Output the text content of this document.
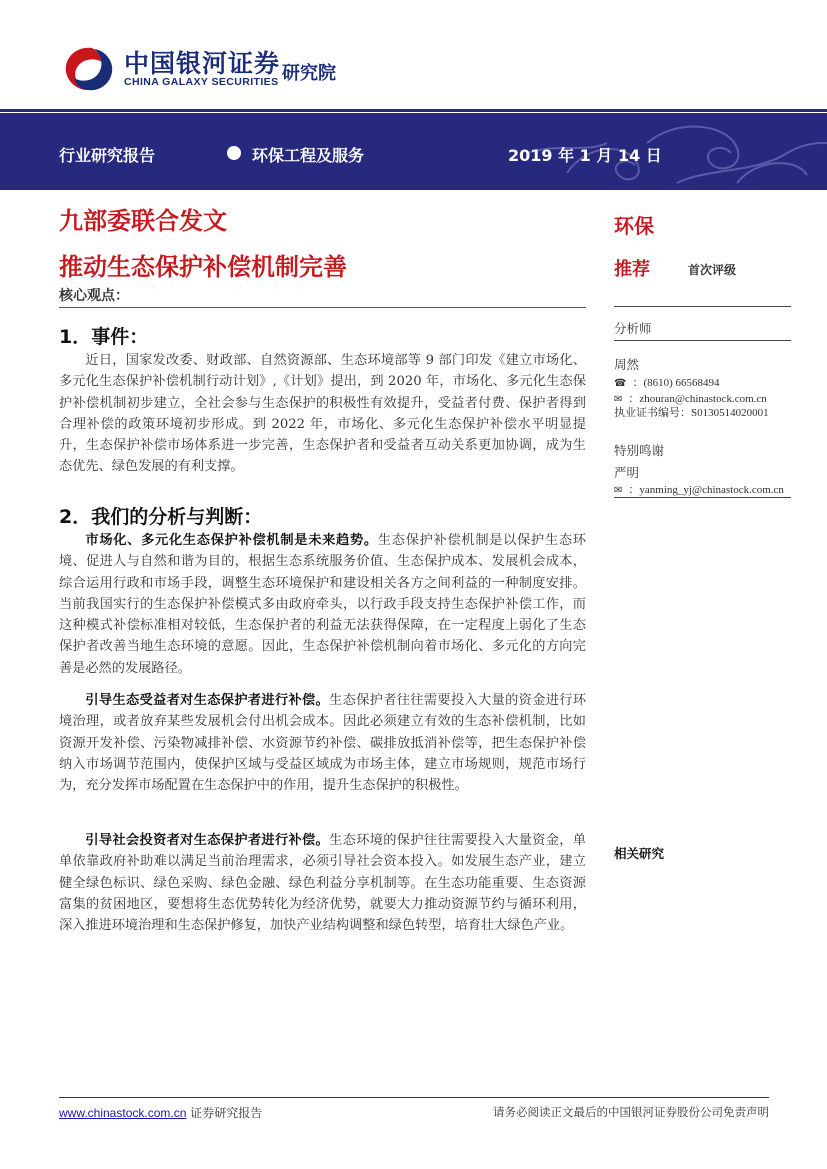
中国银河证券
CHINA GALAXY SECURITIES 研究院
行业研究报告	环保工程及服务	2019 年 1 月 14 日
九部委联合发文
推动生态保护补偿机制完善
核心观点：
1．事件：

近日，国家发改委、财政部、自然资源部、生态环境部等 9 部门印发《建立市场化、多元化生态保护补偿机制行动计划》,《计划》提出，到 2020 年，市场化、多元化生态保护补偿机制初步建立，全社会参与生态保护的积极性有效提升，受益者付费、保护者得到合理补偿的政策环境初步形成。到 2022 年，市场化、多元化生态保护补偿水平明显提升，生态保护补偿市场体系进一步完善，生态保护者和受益者互动关系更加协调，成为生态优先、绿色发展的有利支撑。

2．我们的分析与判断：

市场化、多元化生态保护补偿机制是未来趋势。生态保护补偿机制是以保护生态环境、促进人与自然和谐为目的，根据生态系统服务价值、生态保护成本、发展机会成本，综合运用行政和市场手段，调整生态环境保护和建设相关各方之间利益的一种制度安排。当前我国实行的生态保护补偿模式多由政府牵头，以行政手段支持生态保护补偿工作，而这种模式补偿标准相对较低，生态保护者的利益无法获得保障，在一定程度上弱化了生态保护者改善当地生态环境的意愿。因此，生态保护补偿机制向着市场化、多元化的方向完善是必然的发展路径。

引导生态受益者对生态保护者进行补偿。生态保护者往往需要投入大量的资金进行环境治理，或者放弃某些发展机会付出机会成本。因此必须建立有效的生态补偿机制，比如资源开发补偿、污染物减排补偿、水资源节约补偿、碳排放抵消补偿等，把生态保护补偿纳入市场调节范围内，使保护区域与受益区域成为市场主体，建立市场规则，规范市场行为，充分发挥市场配置在生态保护中的作用，提升生态保护的积极性。

引导社会投资者对生态保护者进行补偿。生态环境的保护往往需要投入大量资金，单单依靠政府补助难以满足当前治理需求，必须引导社会资本投入。如发展生态产业，建立健全绿色标识、绿色采购、绿色金融、绿色利益分享机制等。在生态功能重要、生态资源富集的贫困地区，要想将生态优势转化为经济优势，就要大力推动资源节约与循环利用，深入推进环境治理和生态保护修复，加快产业结构调整和绿色转型，培育壮大绿色产业。

环保
推荐	首次评级
分析师
周然
☎ ：(8610) 66568494
✉ ：zhouran@chinastock.com.cn
执业证书编号：S0130514020001
特别鸣谢
严明
✉ ：yanming_yj@chinastock.com.cn
相关研究
www.chinastock.com.cn 证券研究报告	请务必阅读正文最后的中国银河证券股份公司免责声明
